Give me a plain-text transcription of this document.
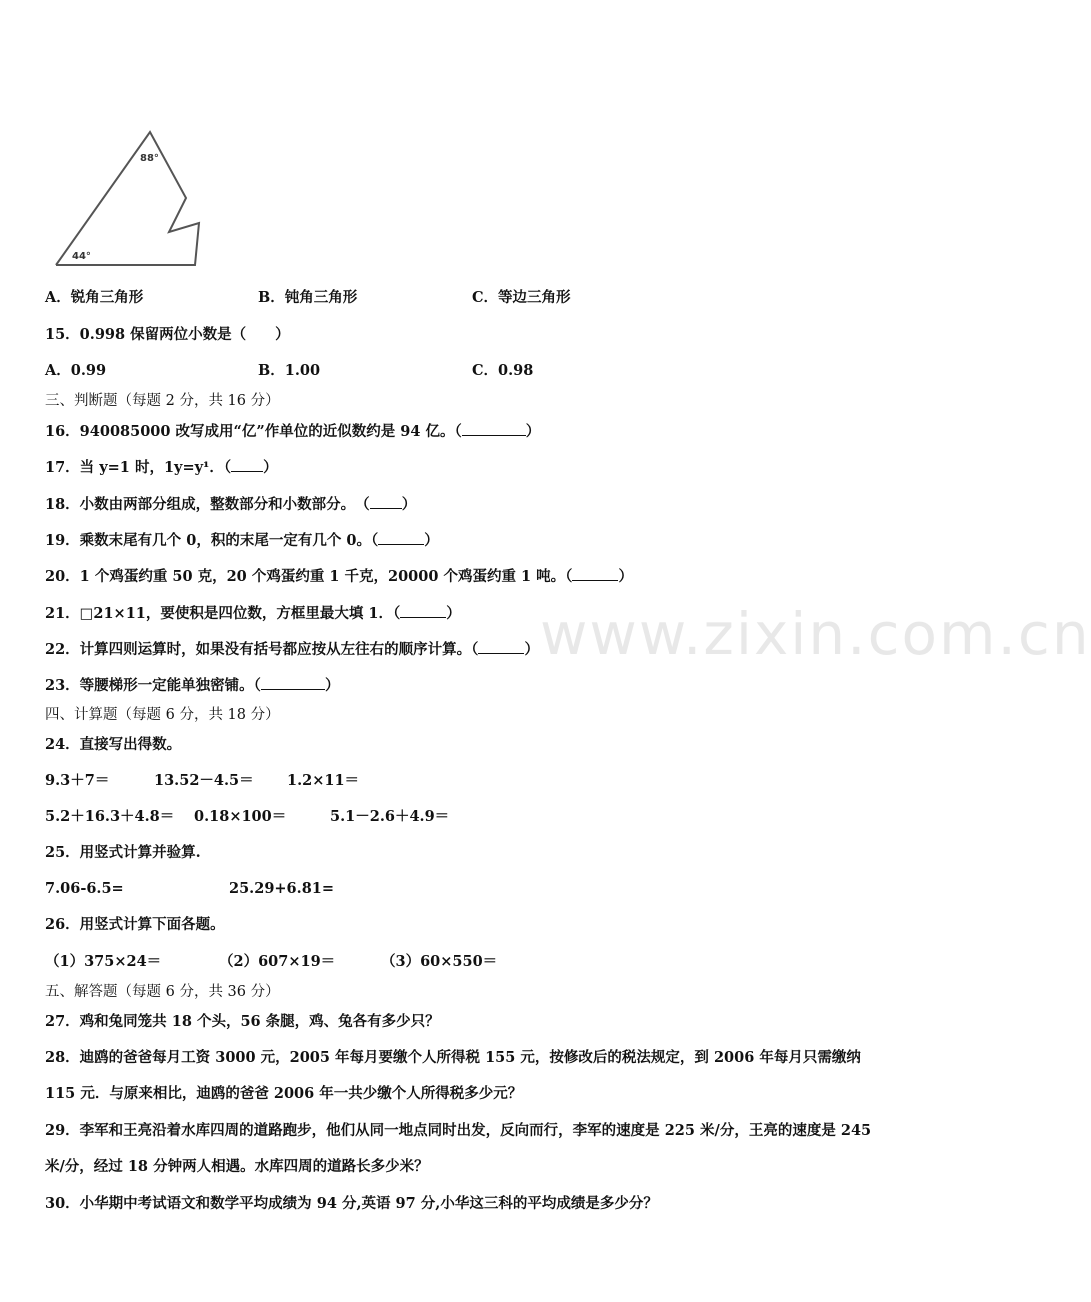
www.zixin.com.cn
88°
44°
A．锐角三角形	B．钝角三角形	C．等边三角形
15．0.998 保留两位小数是（　　）
A．0.99	B．1.00	C．0.98
三、判断题（每题 2 分，共 16 分）
16．940085000 改写成用“亿”作单位的近似数约是 94 亿。（	）
17．当 y=1 时，1y=y¹．（ ）
18．小数由两部分组成，整数部分和小数部分。　（ ）
19．乘数末尾有几个 0，积的末尾一定有几个 0。（	）
20．1 个鸡蛋约重 50 克，20 个鸡蛋约重 1 千克，20000 个鸡蛋约重 1 吨。（	）
21．□21×11，要使积是四位数，方框里最大填 1．（	）
22．计算四则运算时，如果没有括号都应按从左往右的顺序计算。（	）
23．等腰梯形一定能单独密铺。（	）
四、计算题（每题 6 分，共 18 分）
24．直接写出得数。
9.3＋7＝	13.52－4.5＝ 1.2×11＝
5.2＋16.3＋4.8＝ 0.18×100＝	5.1－2.6＋4.9＝
25．用竖式计算并验算.
7.06-6.5=	25.29+6.81=
26．用竖式计算下面各题。
（1）375×24＝	（2）607×19＝	（3）60×550＝
五、解答题（每题 6 分，共 36 分）
27．鸡和兔同笼共 18 个头，56 条腿，鸡、兔各有多少只？
28．迪鸥的爸爸每月工资 3000 元，2005 年每月要缴个人所得税 155 元，按修改后的税法规定，到 2006 年每月只需缴纳 115 元．与原来相比，迪鸥的爸爸 2006 年一共少缴个人所得税多少元？
29．李军和王亮沿着水库四周的道路跑步，他们从同一地点同时出发，反向而行，李军的速度是 225 米/分，王亮的速度是 245 米/分，经过 18 分钟两人相遇。水库四周的道路长多少米？
30．小华期中考试语文和数学平均成绩为 94 分,英语 97 分,小华这三科的平均成绩是多少分？
